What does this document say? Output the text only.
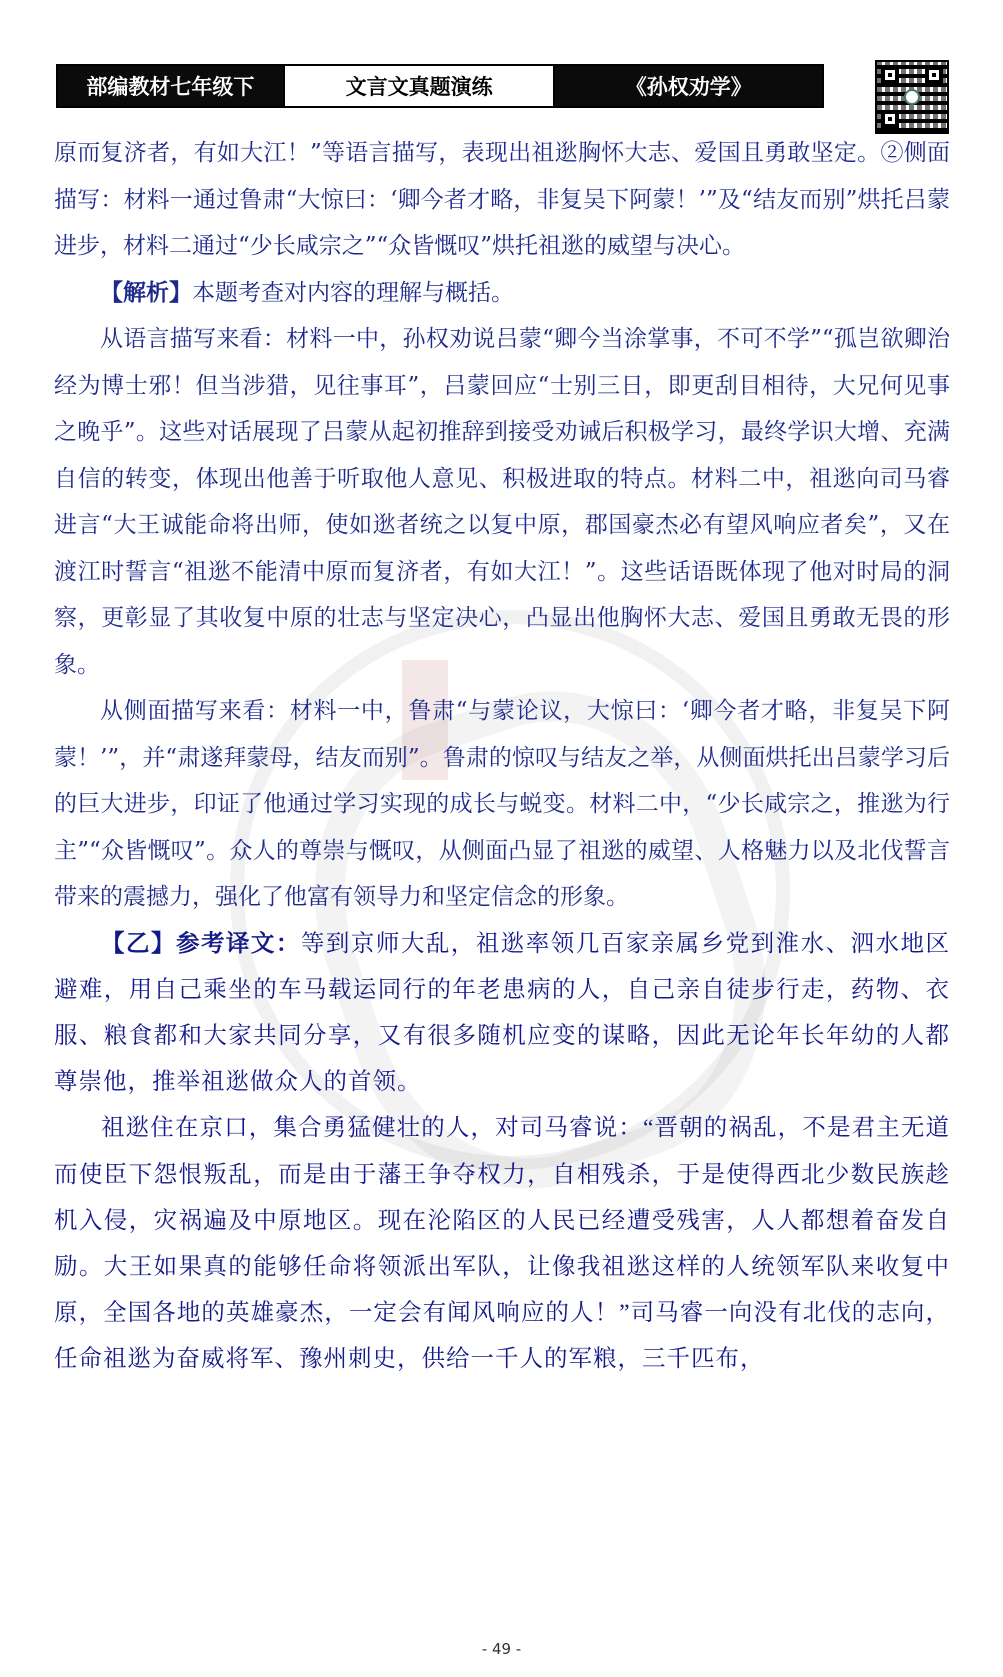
部编教材七年级下	文言文真题演练	《孙权劝学》

原而复济者，有如大江！”等语言描写，表现出祖逖胸怀大志、爱国且勇敢坚定。②侧面描写：材料一通过鲁肃“大惊曰：‘卿今者才略，非复吴下阿蒙！’”及“结友而别”烘托吕蒙进步，材料二通过“少长咸宗之”“众皆慨叹”烘托祖逖的威望与决心。

【解析】本题考查对内容的理解与概括。

从语言描写来看：材料一中，孙权劝说吕蒙“卿今当涂掌事，不可不学”“孤岂欲卿治经为博士邪！但当涉猎，见往事耳”，吕蒙回应“士别三日，即更刮目相待，大兄何见事之晚乎”。这些对话展现了吕蒙从起初推辞到接受劝诫后积极学习，最终学识大增、充满自信的转变，体现出他善于听取他人意见、积极进取的特点。材料二中，祖逖向司马睿进言“大王诚能命将出师，使如逖者统之以复中原，郡国豪杰必有望风响应者矣”，又在渡江时誓言“祖逖不能清中原而复济者，有如大江！”。这些话语既体现了他对时局的洞察，更彰显了其收复中原的壮志与坚定决心，凸显出他胸怀大志、爱国且勇敢无畏的形象。

从侧面描写来看：材料一中，鲁肃“与蒙论议，大惊曰：‘卿今者才略，非复吴下阿蒙！’”，并“肃遂拜蒙母，结友而别”。鲁肃的惊叹与结友之举，从侧面烘托出吕蒙学习后的巨大进步，印证了他通过学习实现的成长与蜕变。材料二中，“少长咸宗之，推逖为行主”“众皆慨叹”。众人的尊崇与慨叹，从侧面凸显了祖逖的威望、人格魅力以及北伐誓言带来的震撼力，强化了他富有领导力和坚定信念的形象。

【乙】参考译文：等到京师大乱，祖逖率领几百家亲属乡党到淮水、泗水地区避难，用自己乘坐的车马载运同行的年老患病的人，自己亲自徒步行走，药物、衣服、粮食都和大家共同分享，又有很多随机应变的谋略，因此无论年长年幼的人都尊崇他，推举祖逖做众人的首领。

祖逖住在京口，集合勇猛健壮的人，对司马睿说：“晋朝的祸乱，不是君主无道而使臣下怨恨叛乱，而是由于藩王争夺权力，自相残杀，于是使得西北少数民族趁机入侵，灾祸遍及中原地区。现在沦陷区的人民已经遭受残害，人人都想着奋发自励。大王如果真的能够任命将领派出军队，让像我祖逖这样的人统领军队来收复中原，全国各地的英雄豪杰，一定会有闻风响应的人！”司马睿一向没有北伐的志向，任命祖逖为奋威将军、豫州刺史，供给一千人的军粮，三千匹布，

- 49 -
